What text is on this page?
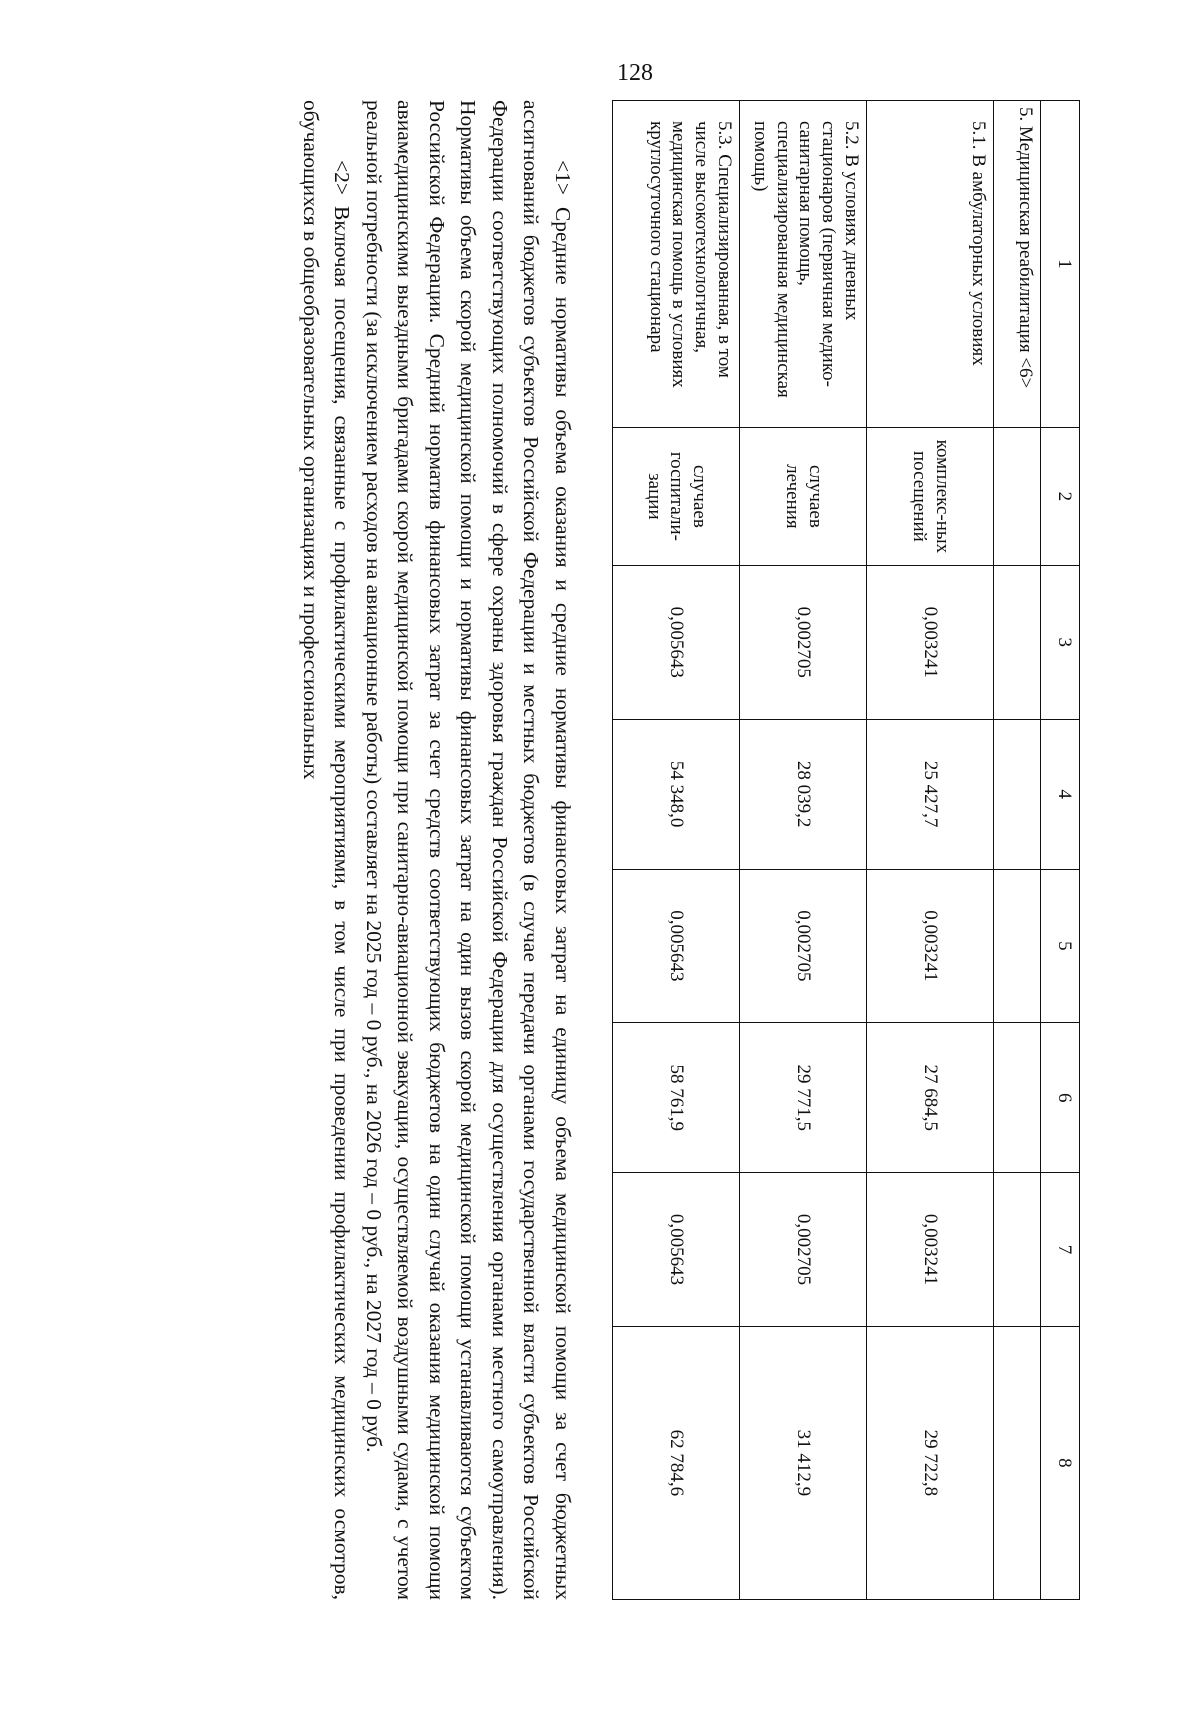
128
1	2	3	4	5	6	7	8
5. Медицинская реабилитация <6>							
5.1. В амбулаторных условиях	комплекс-ных посещений	0,003241	25 427,7	0,003241	27 684,5	0,003241	29 722,8
5.2. В условиях дневных стационаров (первичная медико-санитарная помощь, специализированная медицинская помощь)	случаев лечения	0,002705	28 039,2	0,002705	29 771,5	0,002705	31 412,9
5.3. Специализированная, в том числе высокотехнологичная, медицинская помощь в условиях круглосуточного стационара	случаев госпитали-зации	0,005643	54 348,0	0,005643	58 761,9	0,005643	62 784,6

<1> Средние нормативы объема оказания и средние нормативы финансовых затрат на единицу объема медицинской помощи за счет бюджетных ассигнований бюджетов субъектов Российской Федерации и местных бюджетов (в случае передачи органами государственной власти субъектов Российской Федерации соответствующих полномочий в сфере охраны здоровья граждан Российской Федерации для осуществления органами местного самоуправления). Нормативы объема скорой медицинской помощи и нормативы финансовых затрат на один вызов скорой медицинской помощи устанавливаются субъектом Российской Федерации. Средний норматив финансовых затрат за счет средств соответствующих бюджетов на один случай оказания медицинской помощи авиамедицинскими выездными бригадами скорой медицинской помощи при санитарно-авиационной эвакуации, осуществляемой воздушными судами, с учетом реальной потребности (за исключением расходов на авиационные работы) составляет на 2025 год – 0 руб., на 2026 год – 0 руб., на 2027 год – 0 руб.

<2> Включая посещения, связанные с профилактическими мероприятиями, в том числе при проведении профилактических медицинских осмотров, обучающихся в общеобразовательных организациях и профессиональных
